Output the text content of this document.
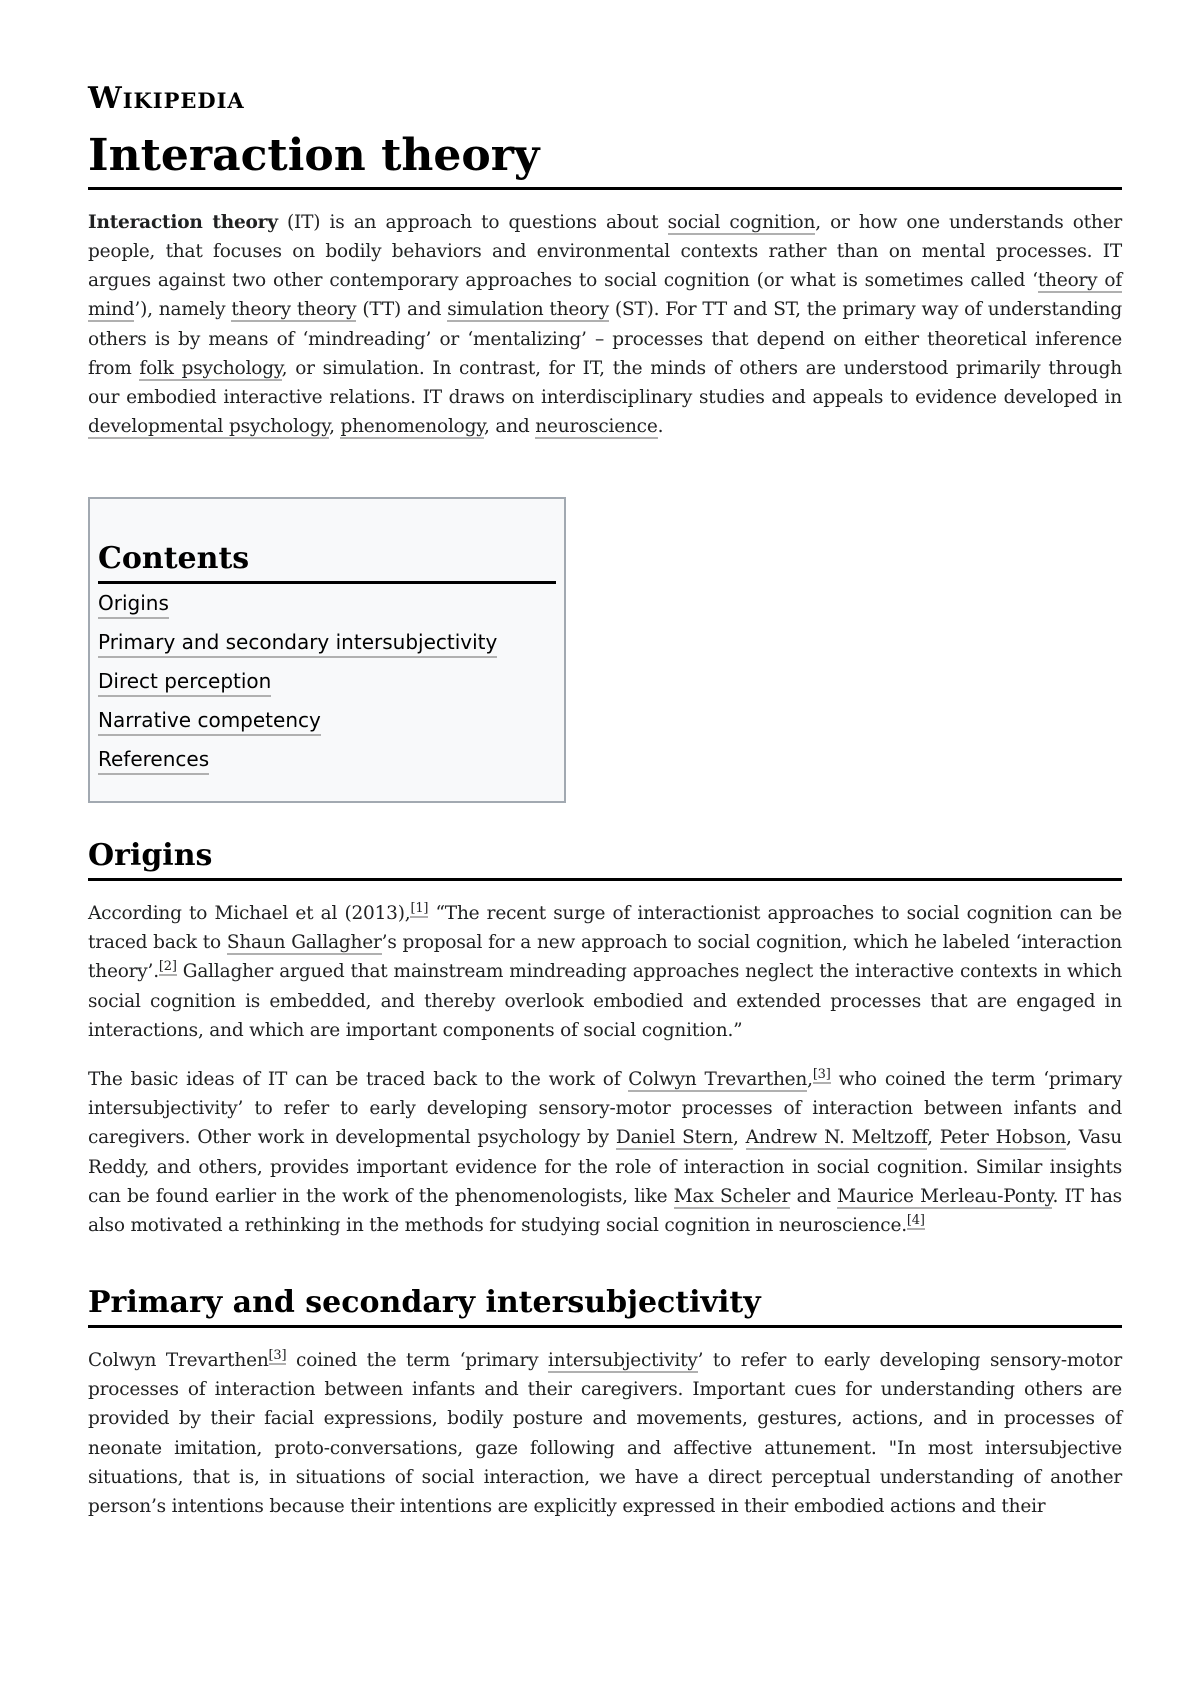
Wikipedia
Interaction theory

Interaction theory (IT) is an approach to questions about social cognition, or how one understands other people, that focuses on bodily behaviors and environmental contexts rather than on mental processes. IT argues against two other contemporary approaches to social cognition (or what is sometimes called ‘theory of mind’), namely theory theory (TT) and simulation theory (ST). For TT and ST, the primary way of understanding others is by means of ‘mindreading’ or ‘mentalizing’ – processes that depend on either theoretical inference from folk psychology, or simulation. In contrast, for IT, the minds of others are understood primarily through our embodied interactive relations. IT draws on interdisciplinary studies and appeals to evidence developed in developmental psychology, phenomenology, and neuroscience.

Contents
Origins
Primary and secondary intersubjectivity
Direct perception
Narrative competency
References
Origins

According to Michael et al (2013),[1] “The recent surge of interactionist approaches to social cognition can be traced back to Shaun Gallagher’s proposal for a new approach to social cognition, which he labeled ‘interaction theory’.[2] Gallagher argued that mainstream mindreading approaches neglect the interactive contexts in which social cognition is embedded, and thereby overlook embodied and extended processes that are engaged in interactions, and which are important components of social cognition.”

The basic ideas of IT can be traced back to the work of Colwyn Trevarthen,[3] who coined the term ‘primary intersubjectivity’ to refer to early developing sensory-motor processes of interaction between infants and caregivers. Other work in developmental psychology by Daniel Stern, Andrew N. Meltzoff, Peter Hobson, Vasu Reddy, and others, provides important evidence for the role of interaction in social cognition. Similar insights can be found earlier in the work of the phenomenologists, like Max Scheler and Maurice Merleau-Ponty. IT has also motivated a rethinking in the methods for studying social cognition in neuroscience.[4]

Primary and secondary intersubjectivity

Colwyn Trevarthen[3] coined the term ‘primary intersubjectivity’ to refer to early developing sensory-motor processes of interaction between infants and their caregivers. Important cues for understanding others are provided by their facial expressions, bodily posture and movements, gestures, actions, and in processes of neonate imitation, proto-conversations, gaze following and affective attunement. "In most intersubjective situations, that is, in situations of social interaction, we have a direct perceptual understanding of another person’s intentions because their intentions are explicitly expressed in their embodied actions and their
